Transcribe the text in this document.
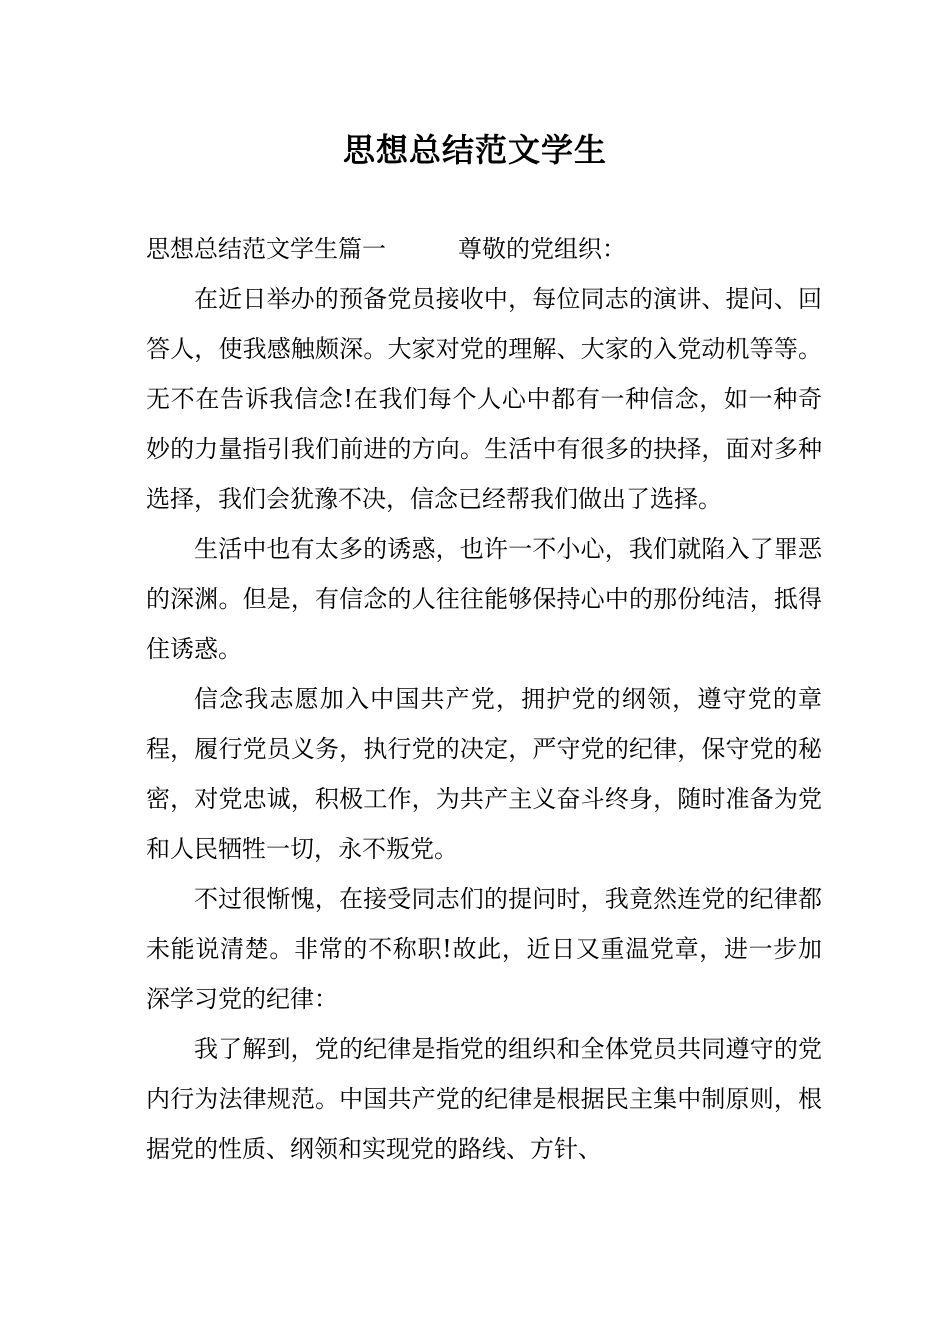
思想总结范文学生

思想总结范文学生篇一	尊敬的党组织：

在近日举办的预备党员接收中，每位同志的演讲、提问、回答人，使我感触颇深。大家对党的理解、大家的入党动机等等。无不在告诉我信念!在我们每个人心中都有一种信念，如一种奇妙的力量指引我们前进的方向。生活中有很多的抉择，面对多种选择，我们会犹豫不决，信念已经帮我们做出了选择。

生活中也有太多的诱惑，也许一不小心，我们就陷入了罪恶的深渊。但是，有信念的人往往能够保持心中的那份纯洁，抵得住诱惑。

信念我志愿加入中国共产党，拥护党的纲领，遵守党的章程，履行党员义务，执行党的决定，严守党的纪律，保守党的秘密，对党忠诚，积极工作，为共产主义奋斗终身，随时准备为党和人民牺牲一切，永不叛党。

不过很惭愧，在接受同志们的提问时，我竟然连党的纪律都未能说清楚。非常的不称职!故此，近日又重温党章，进一步加深学习党的纪律：

我了解到，党的纪律是指党的组织和全体党员共同遵守的党内行为法律规范。中国共产党的纪律是根据民主集中制原则，根据党的性质、纲领和实现党的路线、方针、
